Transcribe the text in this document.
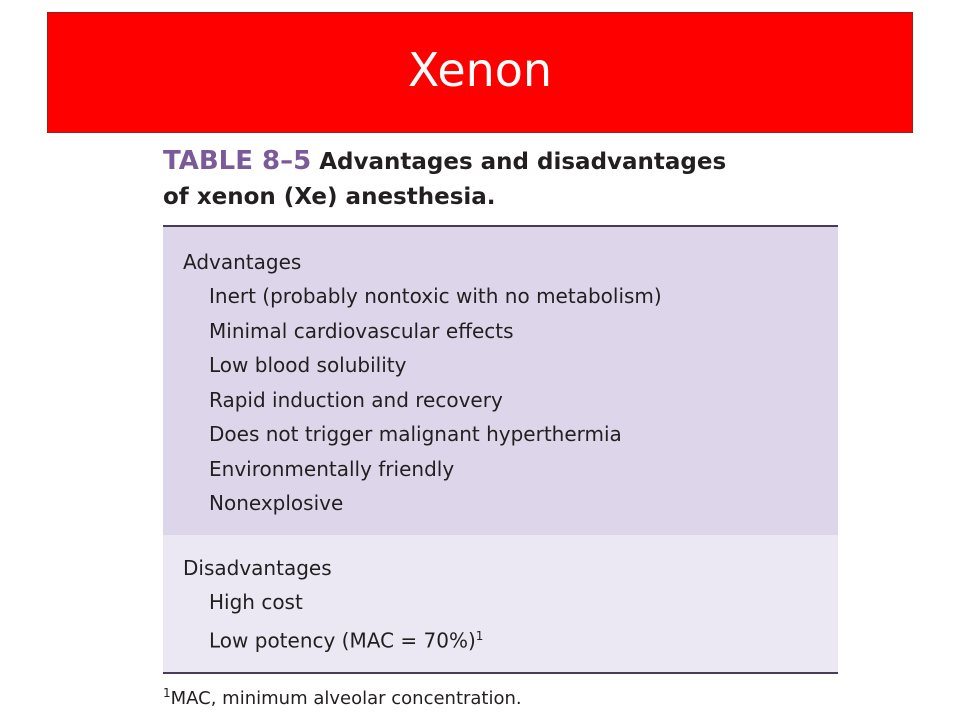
Xenon
TABLE 8–5 Advantages and disadvantages
of xenon (Xe) anesthesia.
Advantages
Inert (probably nontoxic with no metabolism)
Minimal cardiovascular effects
Low blood solubility
Rapid induction and recovery
Does not trigger malignant hyperthermia
Environmentally friendly
Nonexplosive
Disadvantages
High cost
Low potency (MAC = 70%)$^1$
$^1$MAC, minimum alveolar concentration.
